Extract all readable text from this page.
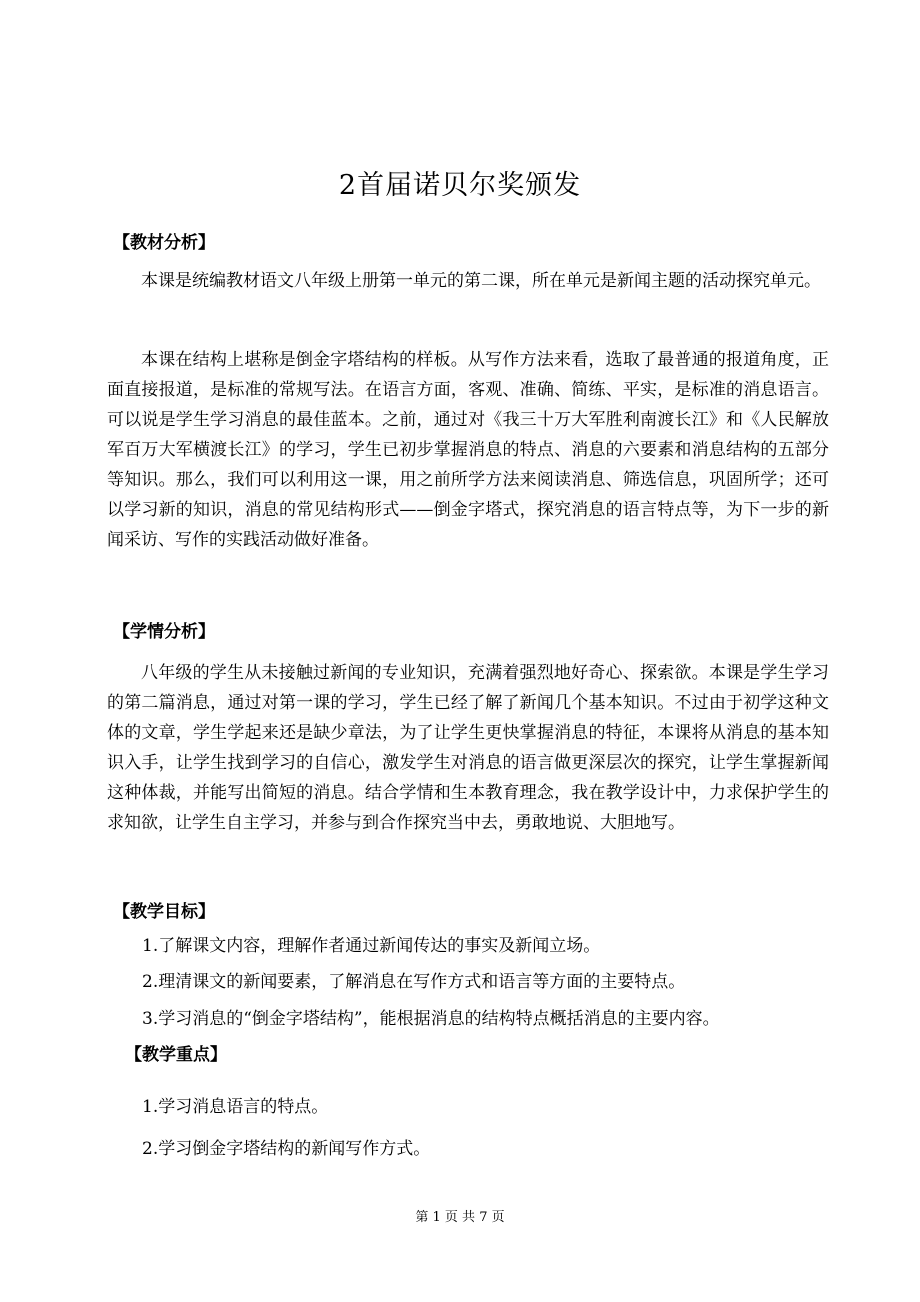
2首届诺贝尔奖颁发
【教材分析】

本课是统编教材语文八年级上册第一单元的第二课，所在单元是新闻主题的活动探究单元。

本课在结构上堪称是倒金字塔结构的样板。从写作方法来看，选取了最普通的报道角度，正面直接报道，是标准的常规写法。在语言方面，客观、准确、简练、平实，是标准的消息语言。可以说是学生学习消息的最佳蓝本。之前，通过对《我三十万大军胜利南渡长江》和《人民解放军百万大军横渡长江》的学习，学生已初步掌握消息的特点、消息的六要素和消息结构的五部分等知识。那么，我们可以利用这一课，用之前所学方法来阅读消息、筛选信息，巩固所学；还可以学习新的知识，消息的常见结构形式——倒金字塔式，探究消息的语言特点等，为下一步的新闻采访、写作的实践活动做好准备。

【学情分析】

八年级的学生从未接触过新闻的专业知识，充满着强烈地好奇心、探索欲。本课是学生学习的第二篇消息，通过对第一课的学习，学生已经了解了新闻几个基本知识。不过由于初学这种文体的文章，学生学起来还是缺少章法，为了让学生更快掌握消息的特征，本课将从消息的基本知识入手，让学生找到学习的自信心，激发学生对消息的语言做更深层次的探究，让学生掌握新闻这种体裁，并能写出简短的消息。结合学情和生本教育理念，我在教学设计中，力求保护学生的求知欲，让学生自主学习，并参与到合作探究当中去，勇敢地说、大胆地写。

【教学目标】
1.了解课文内容，理解作者通过新闻传达的事实及新闻立场。
2.理清课文的新闻要素，了解消息在写作方式和语言等方面的主要特点。
3.学习消息的“倒金字塔结构”，能根据消息的结构特点概括消息的主要内容。
【教学重点】
1.学习消息语言的特点。
2.学习倒金字塔结构的新闻写作方式。
第 1 页 共 7 页
